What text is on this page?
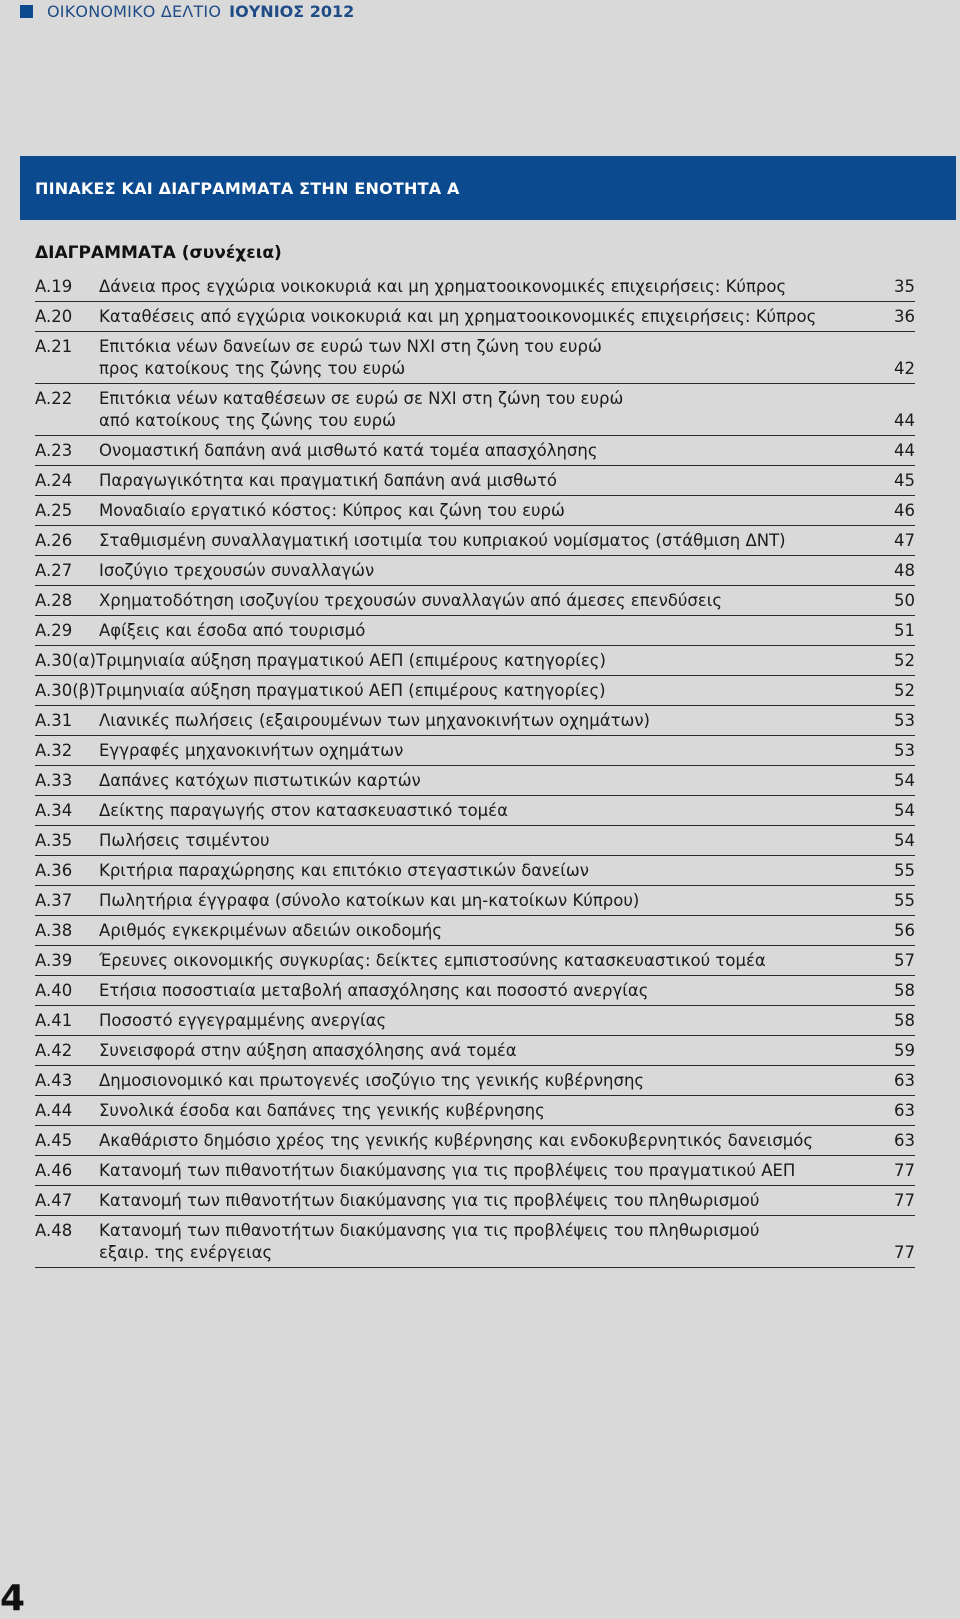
ΟΙΚΟΝΟΜΙΚΟ ΔΕΛΤΙΟ ΙΟΥΝΙΟΣ 2012
ΠΙΝΑΚΕΣ ΚΑΙ ΔΙΑΓΡΑΜΜΑΤΑ ΣΤΗΝ ΕΝΟΤΗΤΑ Α
ΔΙΑΓΡΑΜΜΑΤΑ (συνέχεια)
A.19	Δάνεια προς εγχώρια νοικοκυριά και μη χρηματοοικονομικές επιχειρήσεις: Κύπρος	35
A.20	Καταθέσεις από εγχώρια νοικοκυριά και μη χρηματοοικονομικές επιχειρήσεις: Κύπρος	36
A.21	Επιτόκια νέων δανείων σε ευρώ των ΝΧΙ στη ζώνη του ευρώ
προς κατοίκους της ζώνης του ευρώ	42
A.22	Επιτόκια νέων καταθέσεων σε ευρώ σε ΝΧΙ στη ζώνη του ευρώ
από κατοίκους της ζώνης του ευρώ	44
A.23	Ονομαστική δαπάνη ανά μισθωτό κατά τομέα απασχόλησης	44
A.24	Παραγωγικότητα και πραγματική δαπάνη ανά μισθωτό	45
A.25	Μοναδιαίο εργατικό κόστος: Κύπρος και ζώνη του ευρώ	46
A.26	Σταθμισμένη συναλλαγματική ισοτιμία του κυπριακού νομίσματος (στάθμιση ΔΝΤ)	47
A.27	Ισοζύγιο τρεχουσών συναλλαγών	48
A.28	Χρηματοδότηση ισοζυγίου τρεχουσών συναλλαγών από άμεσες επενδύσεις	50
A.29	Αφίξεις και έσοδα από τουρισμό	51
A.30(α) Τριμηνιαία αύξηση πραγματικού ΑΕΠ (επιμέρους κατηγορίες)	52
A.30(β) Τριμηνιαία αύξηση πραγματικού ΑΕΠ (επιμέρους κατηγορίες)	52
A.31	Λιανικές πωλήσεις (εξαιρουμένων των μηχανοκινήτων οχημάτων)	53
A.32	Εγγραφές μηχανοκινήτων οχημάτων	53
A.33	Δαπάνες κατόχων πιστωτικών καρτών	54
A.34	Δείκτης παραγωγής στον κατασκευαστικό τομέα	54
A.35	Πωλήσεις τσιμέντου	54
A.36	Κριτήρια παραχώρησης και επιτόκιο στεγαστικών δανείων	55
A.37	Πωλητήρια έγγραφα (σύνολο κατοίκων και μη-κατοίκων Κύπρου)	55
A.38	Αριθμός εγκεκριμένων αδειών οικοδομής	56
A.39	Έρευνες οικονομικής συγκυρίας: δείκτες εμπιστοσύνης κατασκευαστικού τομέα	57
A.40	Ετήσια ποσοστιαία μεταβολή απασχόλησης και ποσοστό ανεργίας	58
A.41	Ποσοστό εγγεγραμμένης ανεργίας	58
A.42	Συνεισφορά στην αύξηση απασχόλησης ανά τομέα	59
A.43	Δημοσιονομικό και πρωτογενές ισοζύγιο της γενικής κυβέρνησης	63
A.44	Συνολικά έσοδα και δαπάνες της γενικής κυβέρνησης	63
A.45	Ακαθάριστο δημόσιο χρέος της γενικής κυβέρνησης και ενδοκυβερνητικός δανεισμός	63
A.46	Κατανομή των πιθανοτήτων διακύμανσης για τις προβλέψεις του πραγματικού ΑΕΠ	77
A.47	Κατανομή των πιθανοτήτων διακύμανσης για τις προβλέψεις του πληθωρισμού	77
A.48	Κατανομή των πιθανοτήτων διακύμανσης για τις προβλέψεις του πληθωρισμού
εξαιρ. της ενέργειας	77
4
